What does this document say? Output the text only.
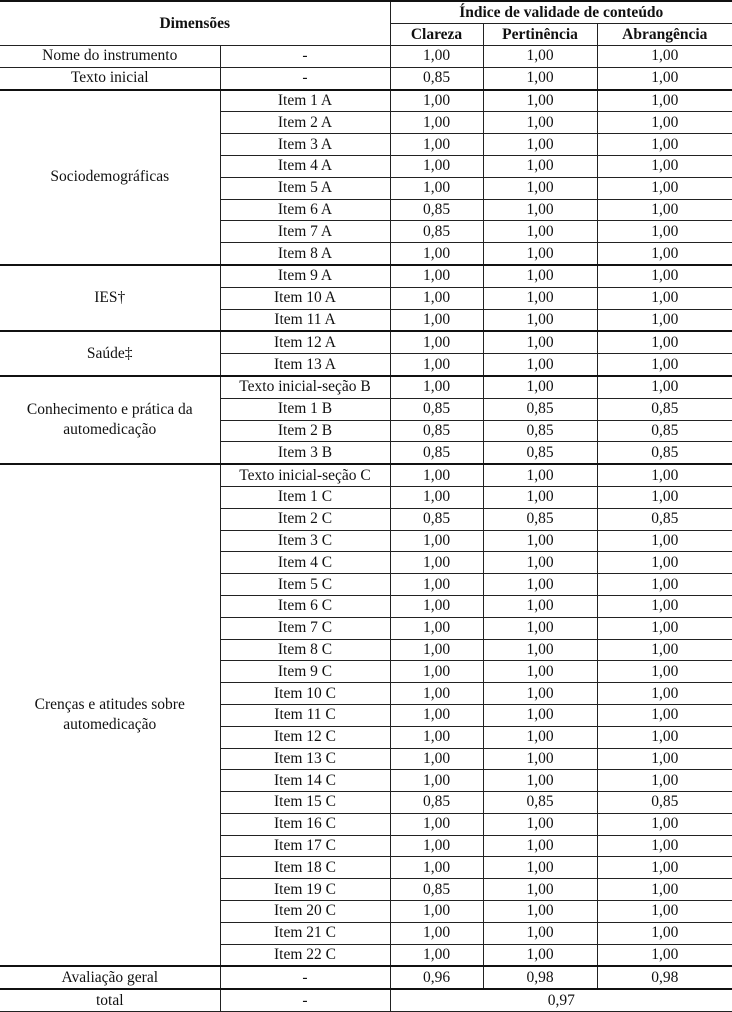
Dimensões		Índice de validade de conteúdo		
		Clareza	Pertinência	Abrangência
Nome do instrumento	-	1,00	1,00	1,00
Texto inicial	-	0,85	1,00	1,00
Sociodemográficas	Item 1 A	1,00	1,00	1,00
	Item 2 A	1,00	1,00	1,00
	Item 3 A	1,00	1,00	1,00
	Item 4 A	1,00	1,00	1,00
	Item 5 A	1,00	1,00	1,00
	Item 6 A	0,85	1,00	1,00
	Item 7 A	0,85	1,00	1,00
	Item 8 A	1,00	1,00	1,00
IES†	Item 9 A	1,00	1,00	1,00
	Item 10 A	1,00	1,00	1,00
	Item 11 A	1,00	1,00	1,00
Saúde‡	Item 12 A	1,00	1,00	1,00
	Item 13 A	1,00	1,00	1,00
Conhecimento e prática da automedicação	Texto inicial-seção B	1,00	1,00	1,00
	Item 1 B	0,85	0,85	0,85
	Item 2 B	0,85	0,85	0,85
	Item 3 B	0,85	0,85	0,85
Crenças e atitudes sobre automedicação	Texto inicial-seção C	1,00	1,00	1,00
	Item 1 C	1,00	1,00	1,00
	Item 2 C	0,85	0,85	0,85
	Item 3 C	1,00	1,00	1,00
	Item 4 C	1,00	1,00	1,00
	Item 5 C	1,00	1,00	1,00
	Item 6 C	1,00	1,00	1,00
	Item 7 C	1,00	1,00	1,00
	Item 8 C	1,00	1,00	1,00
	Item 9 C	1,00	1,00	1,00
	Item 10 C	1,00	1,00	1,00
	Item 11 C	1,00	1,00	1,00
	Item 12 C	1,00	1,00	1,00
	Item 13 C	1,00	1,00	1,00
	Item 14 C	1,00	1,00	1,00
	Item 15 C	0,85	0,85	0,85
	Item 16 C	1,00	1,00	1,00
	Item 17 C	1,00	1,00	1,00
	Item 18 C	1,00	1,00	1,00
	Item 19 C	0,85	1,00	1,00
	Item 20 C	1,00	1,00	1,00
	Item 21 C	1,00	1,00	1,00
	Item 22 C	1,00	1,00	1,00
Avaliação geral	-	0,96	0,98	0,98
total	-	0,97		
